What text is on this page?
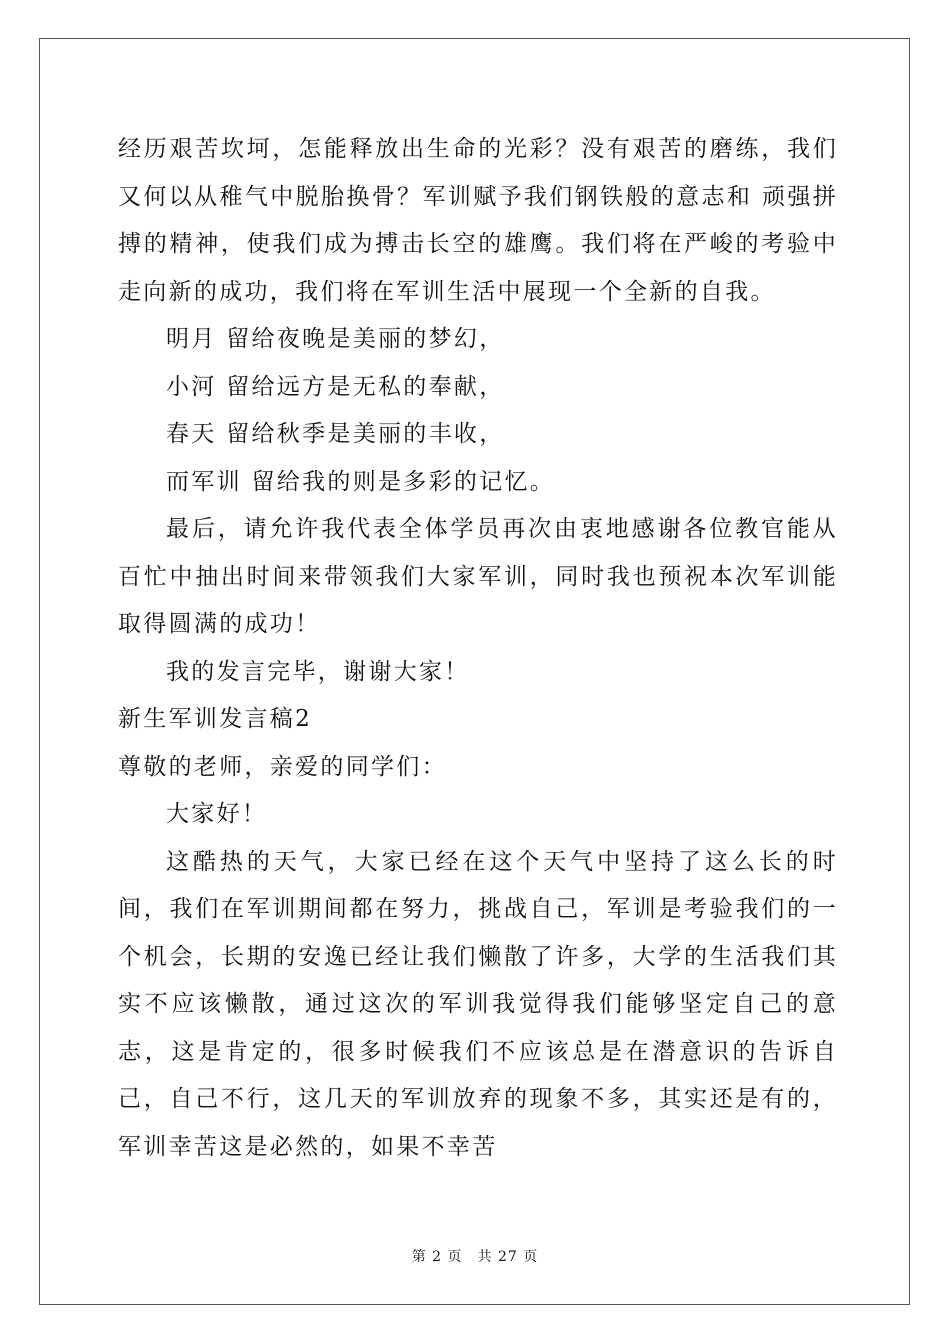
经历艰苦坎坷，怎能释放出生命的光彩？没有艰苦的磨练，我们又何以从稚气中脱胎换骨？军训赋予我们钢铁般的意志和 顽强拼搏的精神，使我们成为搏击长空的雄鹰。我们将在严峻的考验中走向新的成功，我们将在军训生活中展现一个全新的自我。

明月 留给夜晚是美丽的梦幻，

小河 留给远方是无私的奉献，

春天 留给秋季是美丽的丰收，

而军训 留给我的则是多彩的记忆。

最后，请允许我代表全体学员再次由衷地感谢各位教官能从百忙中抽出时间来带领我们大家军训，同时我也预祝本次军训能取得圆满的成功！

我的发言完毕，谢谢大家！

新生军训发言稿2

尊敬的老师，亲爱的同学们：

大家好！

这酷热的天气，大家已经在这个天气中坚持了这么长的时间，我们在军训期间都在努力，挑战自己，军训是考验我们的一个机会，长期的安逸已经让我们懒散了许多，大学的生活我们其实不应该懒散，通过这次的军训我觉得我们能够坚定自己的意志，这是肯定的，很多时候我们不应该总是在潜意识的告诉自己，自己不行，这几天的军训放弃的现象不多，其实还是有的，军训幸苦这是必然的，如果不幸苦

第 2 页　共 27 页
